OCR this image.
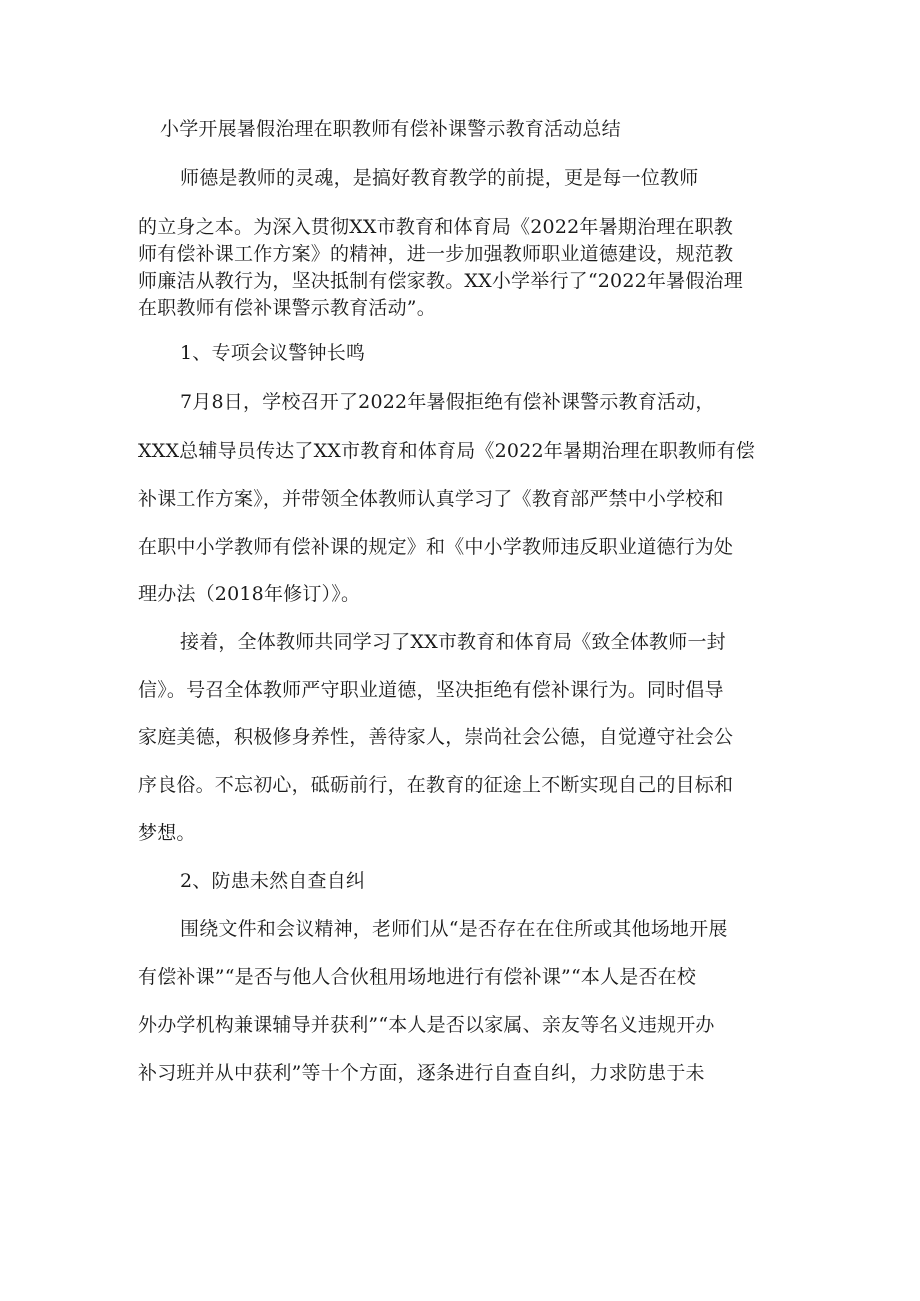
小学开展暑假治理在职教师有偿补课警示教育活动总结
师德是教师的灵魂，是搞好教育教学的前提，更是每一位教师
的立身之本。为深入贯彻XX市教育和体育局《2022年暑期治理在职教
师有偿补课工作方案》的精神，进一步加强教师职业道德建设，规范教
师廉洁从教行为，坚决抵制有偿家教。XX小学举行了“2022年暑假治理
在职教师有偿补课警示教育活动”。
1、专项会议警钟长鸣
7月8日，学校召开了2022年暑假拒绝有偿补课警示教育活动，
XXX总辅导员传达了XX市教育和体育局《2022年暑期治理在职教师有偿
补课工作方案》，并带领全体教师认真学习了《教育部严禁中小学校和
在职中小学教师有偿补课的规定》和《中小学教师违反职业道德行为处
理办法（2018年修订）》。
接着，全体教师共同学习了XX市教育和体育局《致全体教师一封
信》。号召全体教师严守职业道德，坚决拒绝有偿补课行为。同时倡导
家庭美德，积极修身养性，善待家人，崇尚社会公德，自觉遵守社会公
序良俗。不忘初心，砥砺前行，在教育的征途上不断实现自己的目标和
梦想。
2、防患未然自查自纠
围绕文件和会议精神，老师们从“是否存在在住所或其他场地开展
有偿补课”“是否与他人合伙租用场地进行有偿补课”“本人是否在校
外办学机构兼课辅导并获利”“本人是否以家属、亲友等名义违规开办
补习班并从中获利”等十个方面，逐条进行自查自纠，力求防患于未
